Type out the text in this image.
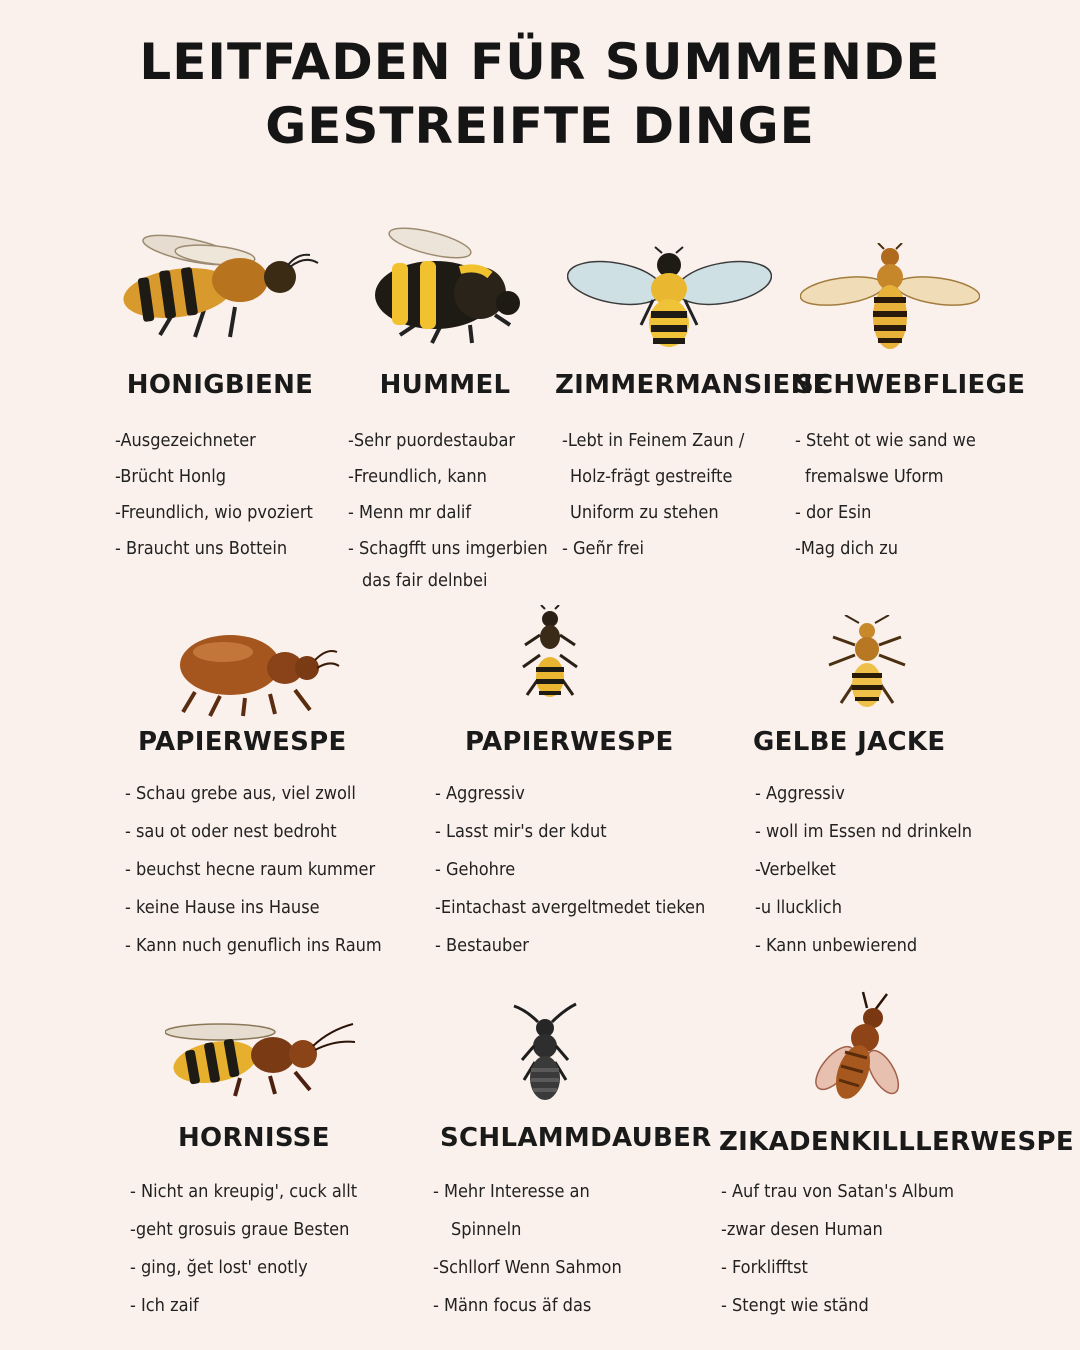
LEITFADEN FÜR SUMMENDE
GESTREIFTE DINGE
HONIGBIENE
-Ausgezeichneter
-Brücht Honlg
-Freundlich, wio pvoziert
- Braucht uns Bottein
HUMMEL
-Sehr puordestaubar
-Freundlich, kann
- Menn mr dalif
- Schagfft uns imgerbien
das fair delnbei
ZIMMERMANSIENE
-Lebt in Feinem Zaun /
Holz-frägt gestreifte
Uniform zu stehen
- Geñr frei
SCHWEBFLIEGE
- Steht ot wie sand we
fremalswe Uform
- dor Esin
-Mag dich zu
PAPIERWESPE
- Schau grebe aus, viel zwoll
- sau ot oder nest bedroht
- beuchst hecne raum kummer
- keine Hause ins Hause
- Kann nuch genuflich ins Raum
PAPIERWESPE
- Aggressiv
- Lasst mir's der kdut
- Gehohre
-Eintachast avergeltmedet tieken
- Bestauber
GELBE JACKE
- Aggressiv
- woll im Essen nd drinkeln
-Verbelket
-u llucklich
- Kann unbewierend
HORNISSE
- Nicht an kreupig', cuck allt
-geht grosuis graue Besten
- ging, ğet lost' enotly
- Ich zaif
SCHLAMMDAUBER
- Mehr Interesse an
Spinneln
-Schllorf Wenn Sahmon
- Männ focus äf das
ZIKADENKILLLERWESPE
- Auf trau von Satan's Album
-zwar desen Human
- Forklifftst
- Stengt wie ständ
